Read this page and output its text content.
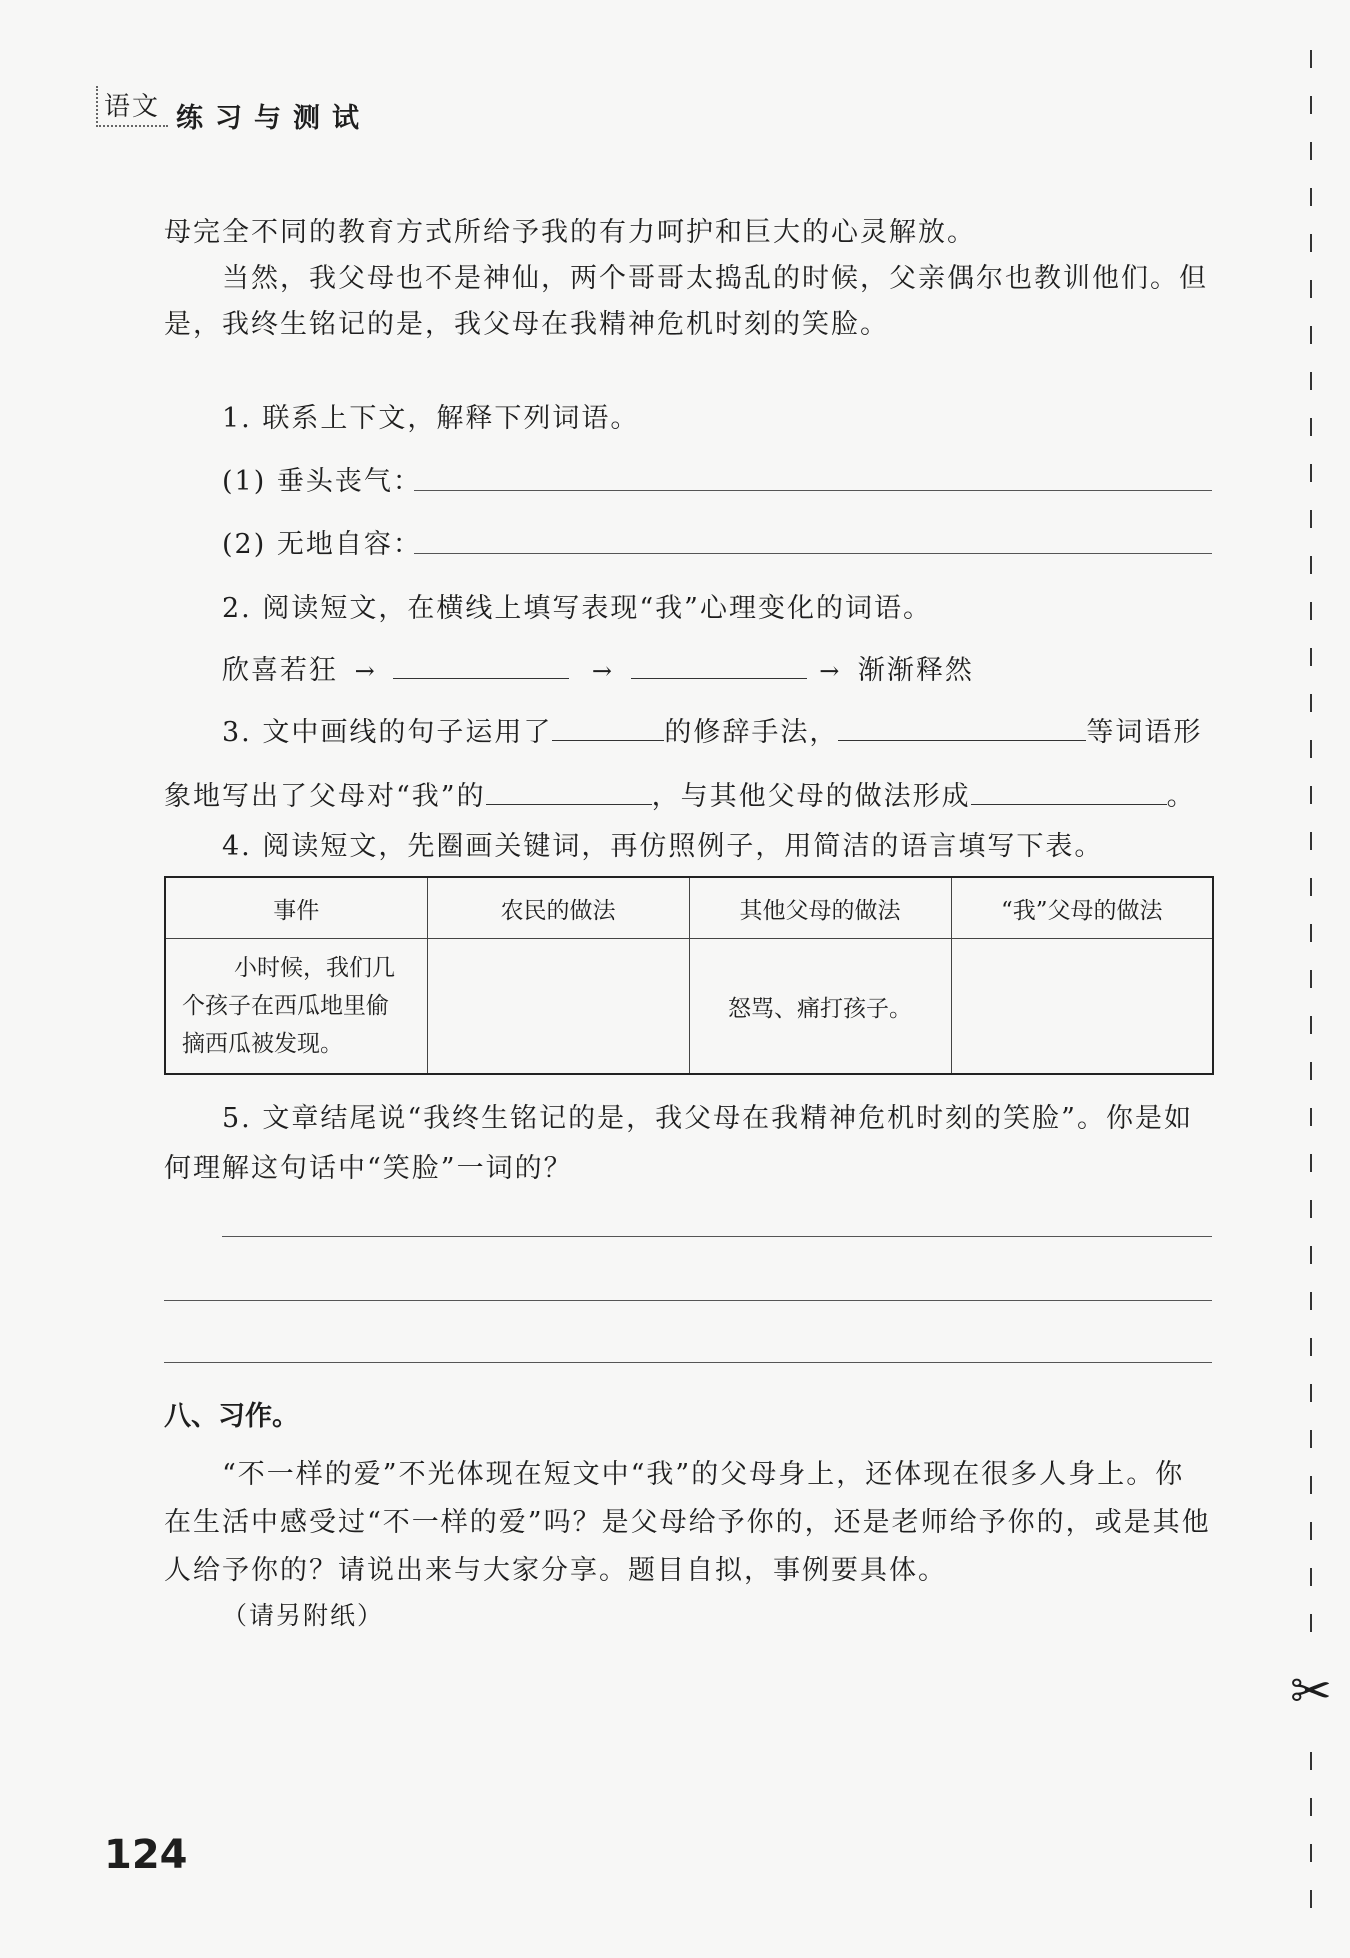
语文 练习与测试
母完全不同的教育方式所给予我的有力呵护和巨大的心灵解放。
当然，我父母也不是神仙，两个哥哥太捣乱的时候，父亲偶尔也教训他们。但
是，我终生铭记的是，我父母在我精神危机时刻的笑脸。
1. 联系上下文，解释下列词语。
(1) 垂头丧气：
(2) 无地自容：
2. 阅读短文，在横线上填写表现“我”心理变化的词语。
欣喜若狂 →	→	→ 渐渐释然
3. 文中画线的句子运用了	的修辞手法，	等词语形
象地写出了父母对“我”的	，与其他父母的做法形成	。
4. 阅读短文，先圈画关键词，再仿照例子，用简洁的语言填写下表。
事件	农民的做法	其他父母的做法	“我”父母的做法

小时候，我们几
个孩子在西瓜地里偷
摘西瓜被发现。		怒骂、痛打孩子。	
5. 文章结尾说“我终生铭记的是，我父母在我精神危机时刻的笑脸”。你是如
何理解这句话中“笑脸”一词的？
八、习作。
“不一样的爱”不光体现在短文中“我”的父母身上，还体现在很多人身上。你
在生活中感受过“不一样的爱”吗？是父母给予你的，还是老师给予你的，或是其他
人给予你的？请说出来与大家分享。题目自拟，事例要具体。
（请另附纸）
124
✂
